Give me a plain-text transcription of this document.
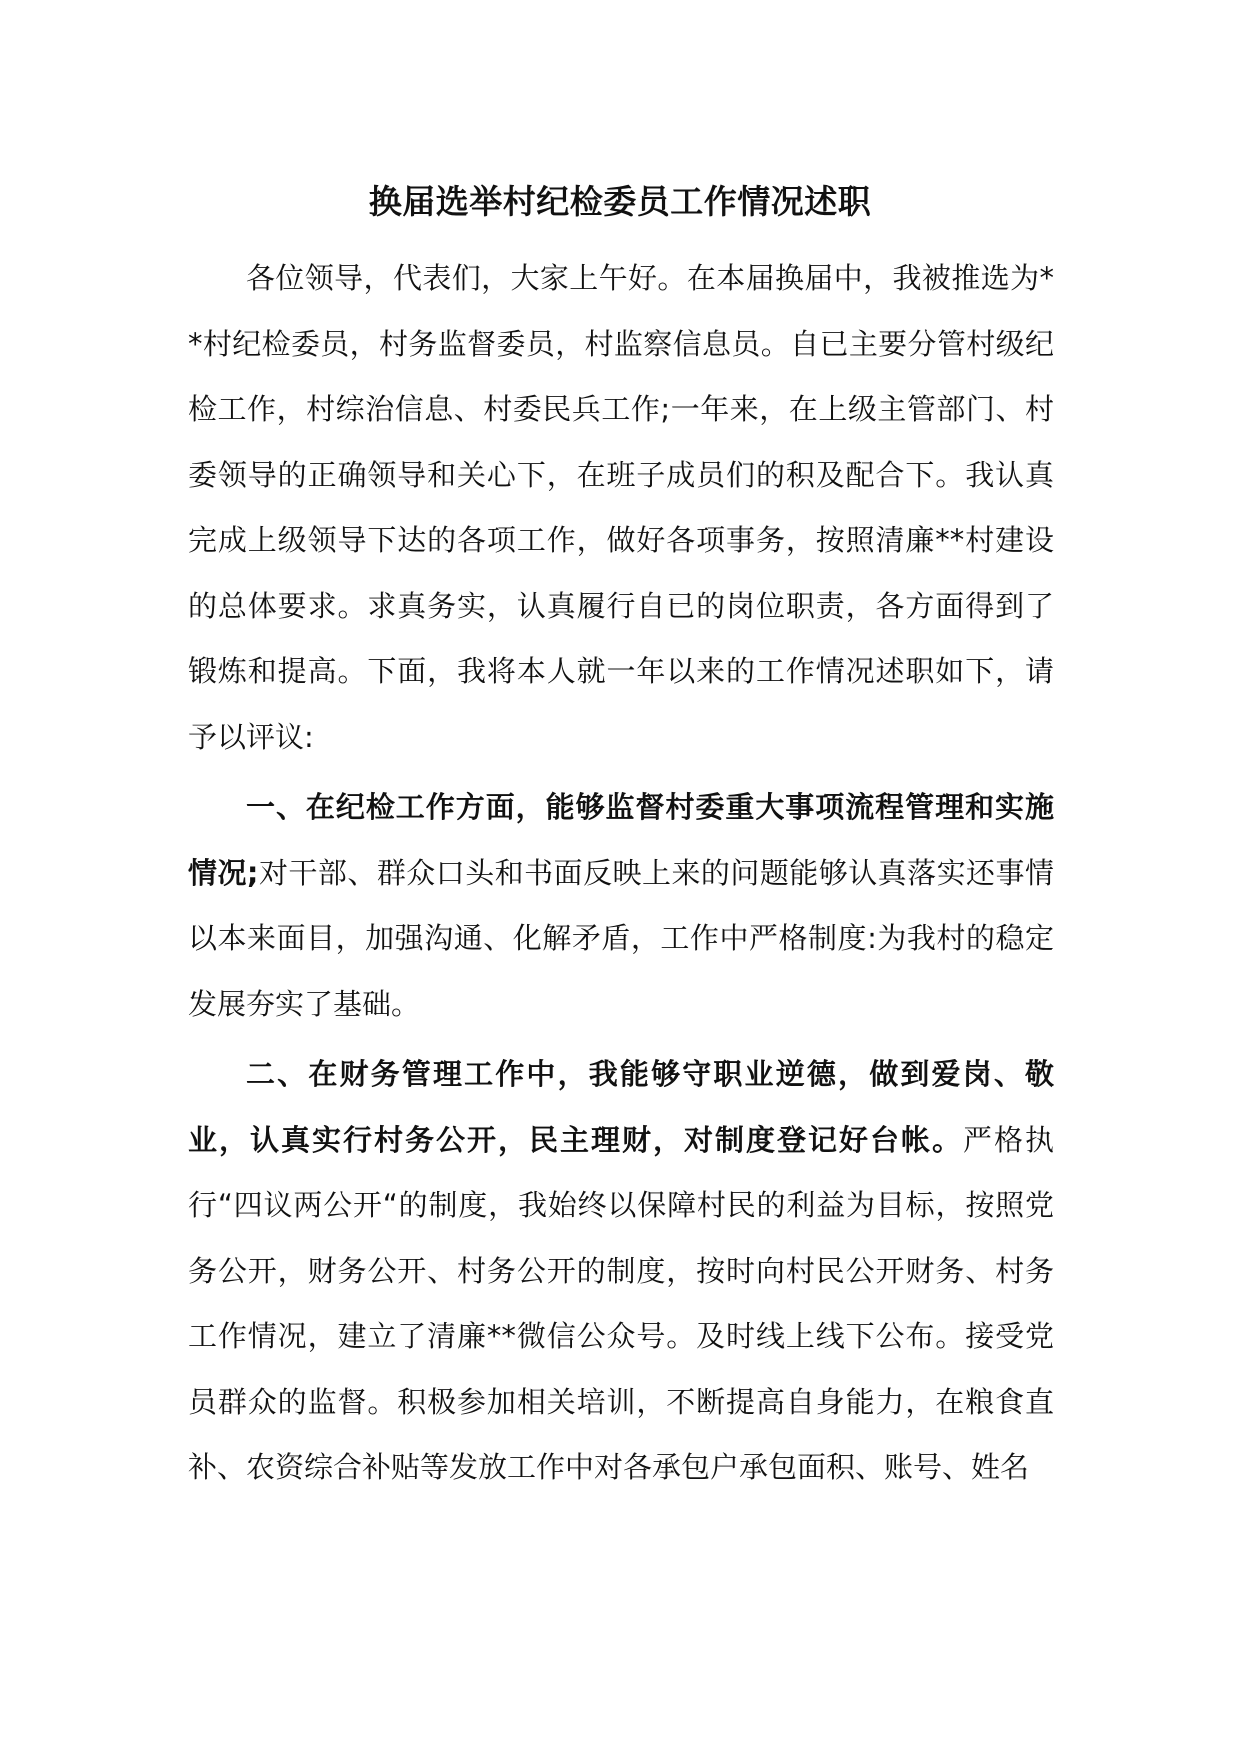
换届选举村纪检委员工作情况述职

各位领导，代表们，大家上午好。在本届换届中，我被推选为**村纪检委员，村务监督委员，村监察信息员。自已主要分管村级纪检工作，村综治信息、村委民兵工作;一年来，在上级主管部门、村委领导的正确领导和关心下，在班子成员们的积及配合下。我认真完成上级领导下达的各项工作，做好各项事务，按照清廉**村建设的总体要求。求真务实，认真履行自已的岗位职责，各方面得到了锻炼和提高。下面，我将本人就一年以来的工作情况述职如下，请予以评议:

一、在纪检工作方面，能够监督村委重大事项流程管理和实施情况;对干部、群众口头和书面反映上来的问题能够认真落实还事情以本来面目，加强沟通、化解矛盾，工作中严格制度:为我村的稳定发展夯实了基础。

二、在财务管理工作中，我能够守职业逆德，做到爱岗、敬业，认真实行村务公开，民主理财，对制度登记好台帐。严格执行“四议两公开“的制度，我始终以保障村民的利益为目标，按照党务公开，财务公开、村务公开的制度，按时向村民公开财务、村务工作情况，建立了清廉**微信公众号。及时线上线下公布。接受党员群众的监督。积极参加相关培训，不断提高自身能力，在粮食直补、农资综合补贴等发放工作中对各承包户承包面积、账号、姓名
